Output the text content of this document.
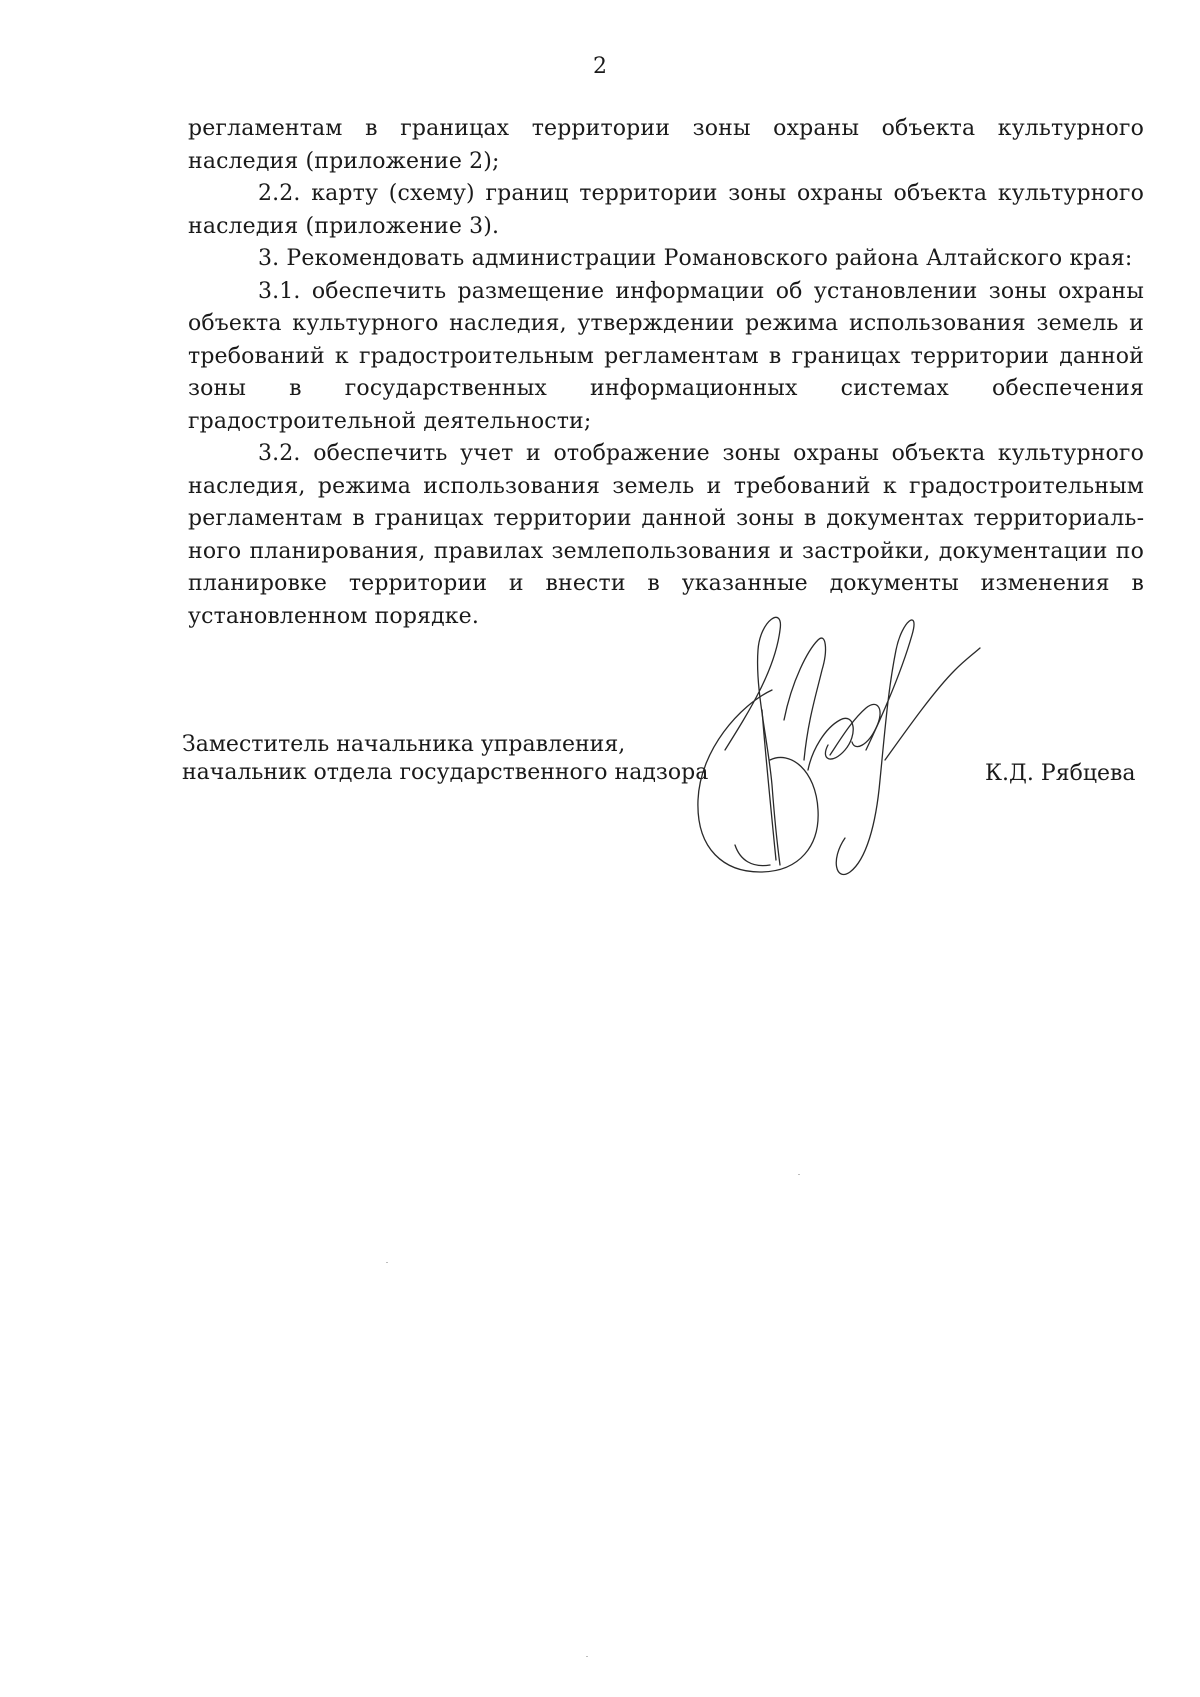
2

регламентам в границах территории зоны охраны объекта культурного наследия (приложение 2);

2.2. карту (схему) границ территории зоны охраны объекта культурного наследия (приложение 3).

3. Рекомендовать администрации Романовского района Алтайского края:

3.1. обеспечить размещение информации об установлении зоны охраны объекта культурного наследия, утверждении режима использования земель и требований к градостроительным регламентам в границах территории данной зоны в государственных информационных системах обеспечения градостроительной деятельности;

3.2. обеспечить учет и отображение зоны охраны объекта культурного наследия, режима использования земель и требований к градостроительным регламентам в границах территории данной зоны в документах территориального планирования, правилах землепользования и застройки, документации по планировке территории и внести в указанные документы изменения в установленном порядке.

Заместитель начальника управления,
начальник отдела государственного надзора	К.Д. Рябцева
